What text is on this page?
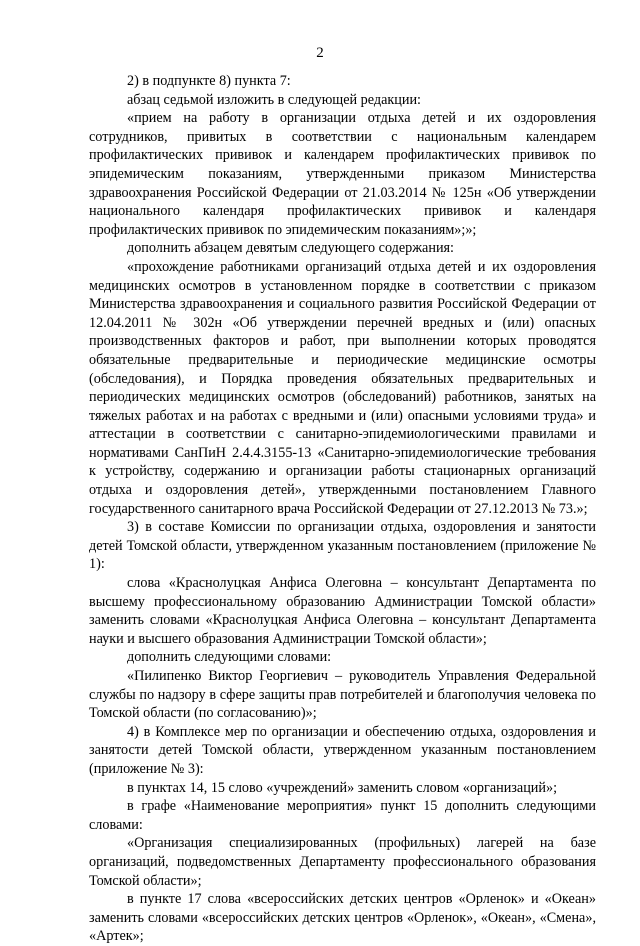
2

2) в подпункте 8) пункта 7:

абзац седьмой изложить в следующей редакции:

«прием на работу в организации отдыха детей и их оздоровления сотрудников, привитых в соответствии с национальным календарем профилактических прививок и календарем профилактических прививок по эпидемическим показаниям, утвержденными приказом Министерства здравоохранения Российской Федерации от 21.03.2014 № 125н «Об утверждении национального календаря профилактических прививок и календаря профилактических прививок по эпидемическим показаниям»;»;

дополнить абзацем девятым следующего содержания:

«прохождение работниками организаций отдыха детей и их оздоровления медицинских осмотров в установленном порядке в соответствии с приказом Министерства здравоохранения и социального развития Российской Федерации от 12.04.2011 № 302н «Об утверждении перечней вредных и (или) опасных производственных факторов и работ, при выполнении которых проводятся обязательные предварительные и периодические медицинские осмотры (обследования), и Порядка проведения обязательных предварительных и периодических медицинских осмотров (обследований) работников, занятых на тяжелых работах и на работах с вредными и (или) опасными условиями труда» и аттестации в соответствии с санитарно-эпидемиологическими правилами и нормативами СанПиН 2.4.4.3155-13 «Санитарно-эпидемиологические требования к устройству, содержанию и организации работы стационарных организаций отдыха и оздоровления детей», утвержденными постановлением Главного государственного санитарного врача Российской Федерации от 27.12.2013 № 73.»;

3) в составе Комиссии по организации отдыха, оздоровления и занятости детей Томской области, утвержденном указанным постановлением (приложение № 1):

слова «Краснолуцкая Анфиса Олеговна – консультант Департамента по высшему профессиональному образованию Администрации Томской области» заменить словами «Краснолуцкая Анфиса Олеговна – консультант Департамента науки и высшего образования Администрации Томской области»;

дополнить следующими словами:

«Пилипенко Виктор Георгиевич – руководитель Управления Федеральной службы по надзору в сфере защиты прав потребителей и благополучия человека по Томской области (по согласованию)»;

4) в Комплексе мер по организации и обеспечению отдыха, оздоровления и занятости детей Томской области, утвержденном указанным постановлением (приложение № 3):

в пунктах 14, 15 слово «учреждений» заменить словом «организаций»;

в графе «Наименование мероприятия» пункт 15 дополнить следующими словами:

«Организация специализированных (профильных) лагерей на базе организаций, подведомственных Департаменту профессионального образования Томской области»;

в пункте 17 слова «всероссийских детских центров «Орленок» и «Океан» заменить словами «всероссийских детских центров «Орленок», «Океан», «Смена», «Артек»;
